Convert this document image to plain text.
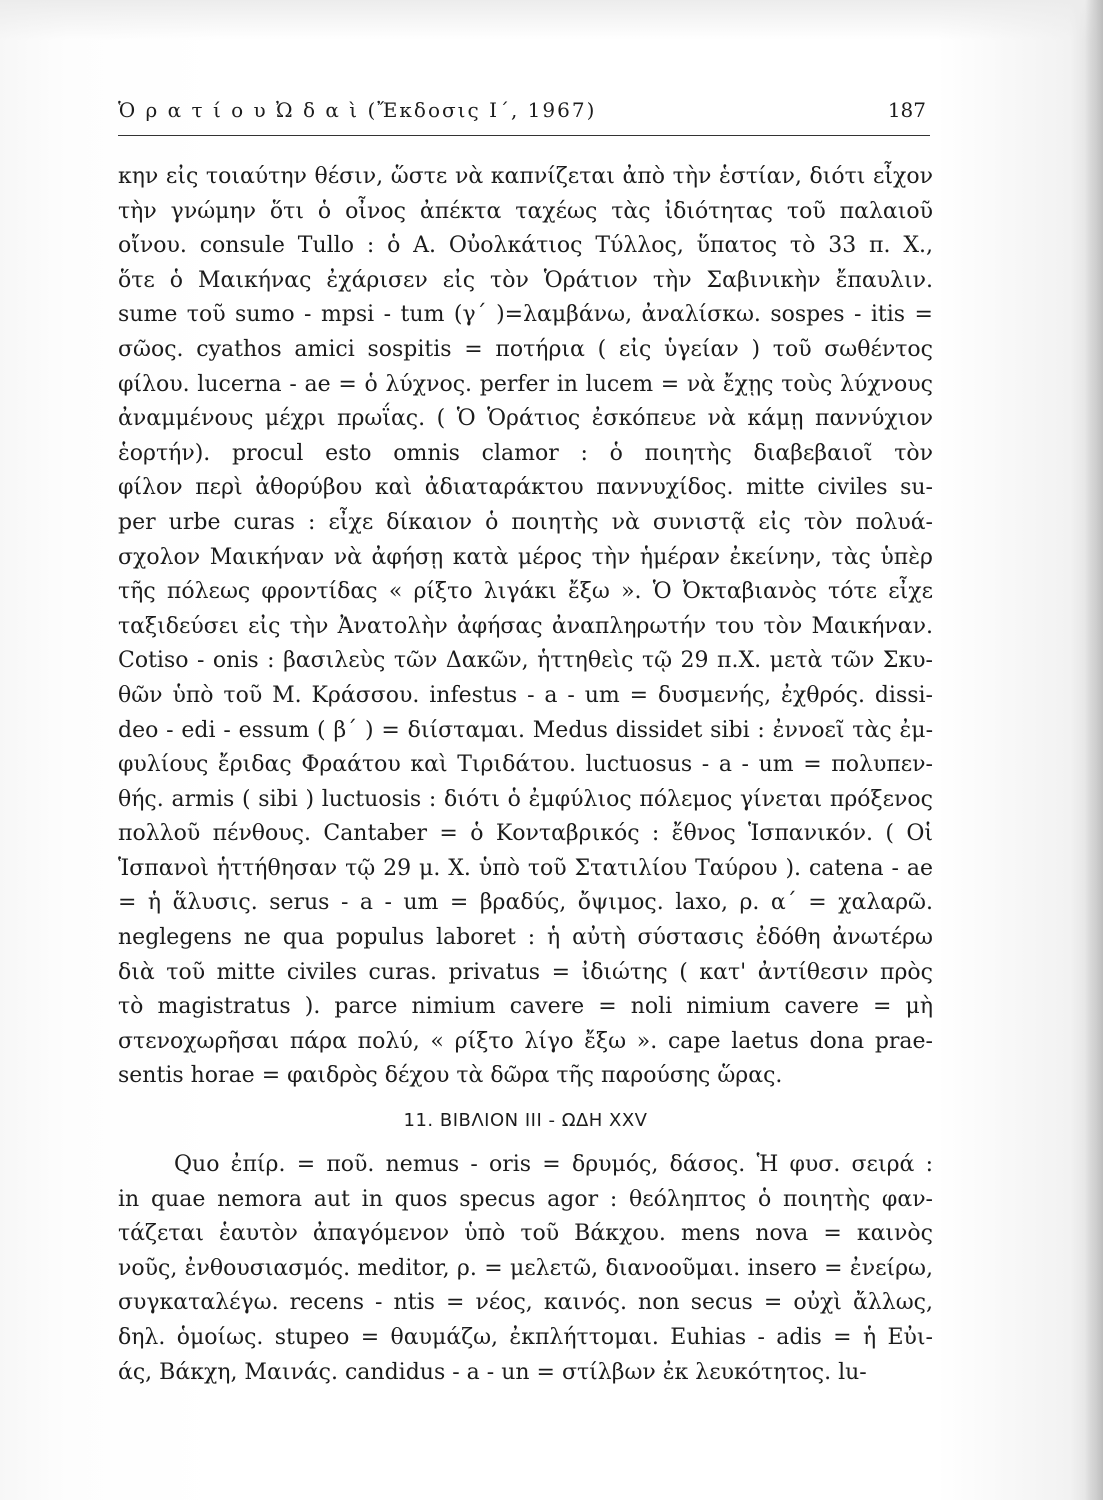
Ὁ ρ α τ ί ο υ Ὠ δ α ὶ (Ἔκδοσις Ι΄, 1967)	187
κην εἰς τοιαύτην θέσιν, ὥστε νὰ καπνίζεται ἀπὸ τὴν ἑστίαν, διότι εἶχον
τὴν γνώμην ὅτι ὁ οἶνος ἀπέκτα ταχέως τὰς ἰδιότητας τοῦ παλαιοῦ
οἴνου. consule Tullo : ὁ Α. Οὐολκάτιος Τύλλος, ὕπατος τὸ 33 π. Χ.,
ὅτε ὁ Μαικήνας ἐχάρισεν εἰς τὸν Ὁράτιον τὴν Σαβινικὴν ἔπαυλιν.
sume τοῦ sumo - mpsi - tum (γ΄ )=λαμβάνω, ἀναλίσκω. sospes - itis =
σῶος. cyathos amici sospitis = ποτήρια ( εἰς ὑγείαν ) τοῦ σωθέντος
φίλου. lucerna - ae = ὁ λύχνος. perfer in lucem = νὰ ἔχῃς τοὺς λύχνους
ἀναμμένους μέχρι πρωΐας. ( Ὁ Ὁράτιος ἐσκόπευε νὰ κάμῃ παννύχιον
ἑορτήν). procul esto omnis clamor : ὁ ποιητὴς διαβεβαιοῖ τὸν
φίλον περὶ ἀθορύβου καὶ ἀδιαταράκτου παννυχίδος. mitte civiles su-
per urbe curas : εἶχε δίκαιον ὁ ποιητὴς νὰ συνιστᾷ εἰς τὸν πολυά-
σχολον Μαικήναν νὰ ἀφήσῃ κατὰ μέρος τὴν ἡμέραν ἐκείνην, τὰς ὑπὲρ
τῆς πόλεως φροντίδας « ρίξτο λιγάκι ἔξω ». Ὁ Ὀκταβιανὸς τότε εἶχε
ταξιδεύσει εἰς τὴν Ἀνατολὴν ἀφήσας ἀναπληρωτήν του τὸν Μαικήναν.
Cotiso - onis : βασιλεὺς τῶν Δακῶν, ἡττηθεὶς τῷ 29 π.Χ. μετὰ τῶν Σκυ-
θῶν ὑπὸ τοῦ Μ. Κράσσου. infestus - a - um = δυσμενής, ἐχθρός. dissi-
deo - edi - essum ( β΄ ) = διίσταμαι. Medus dissidet sibi : ἐννοεῖ τὰς ἐμ-
φυλίους ἔριδας Φραάτου καὶ Τιριδάτου. luctuosus - a - um = πολυπεν-
θής. armis ( sibi ) luctuosis : διότι ὁ ἐμφύλιος πόλεμος γίνεται πρόξενος
πολλοῦ πένθους. Cantaber = ὁ Κονταβρικός : ἔθνος Ἱσπανικόν. ( Οἱ
Ἱσπανοὶ ἡττήθησαν τῷ 29 μ. Χ. ὑπὸ τοῦ Στατιλίου Ταύρου ). catena - ae
= ἡ ἅλυσις. serus - a - um = βραδύς, ὄψιμος. laxo, ρ. α΄ = χαλαρῶ.
neglegens ne qua populus laboret : ἡ αὐτὴ σύστασις ἐδόθη ἀνωτέρω
διὰ τοῦ mitte civiles curas. privatus = ἰδιώτης ( κατ' ἀντίθεσιν πρὸς
τὸ magistratus ). parce nimium cavere = noli nimium cavere = μὴ
στενοχωρῆσαι πάρα πολύ, « ρίξτο λίγο ἔξω ». cape laetus dona prae-
sentis horae = φαιδρὸς δέχου τὰ δῶρα τῆς παρούσης ὥρας.
11. ΒΙΒΛΙΟΝ ΙΙΙ - ΩΔΗ XXV
Quo ἐπίρ. = ποῦ. nemus - oris = δρυμός, δάσος. Ἡ φυσ. σειρά :
in quae nemora aut in quos specus agor : θεόληπτος ὁ ποιητὴς φαν-
τάζεται ἑαυτὸν ἀπαγόμενον ὑπὸ τοῦ Βάκχου. mens nova = καινὸς
νοῦς, ἐνθουσιασμός. meditor, ρ. = μελετῶ, διανοοῦμαι. insero = ἐνείρω,
συγκαταλέγω. recens - ntis = νέος, καινός. non secus = οὐχὶ ἄλλως,
δηλ. ὁμοίως. stupeo = θαυμάζω, ἐκπλήττομαι. Euhias - adis = ἡ Εὐι-
άς, Βάκχη, Μαινάς. candidus - a - un = στίλβων ἐκ λευκότητος. lu-
